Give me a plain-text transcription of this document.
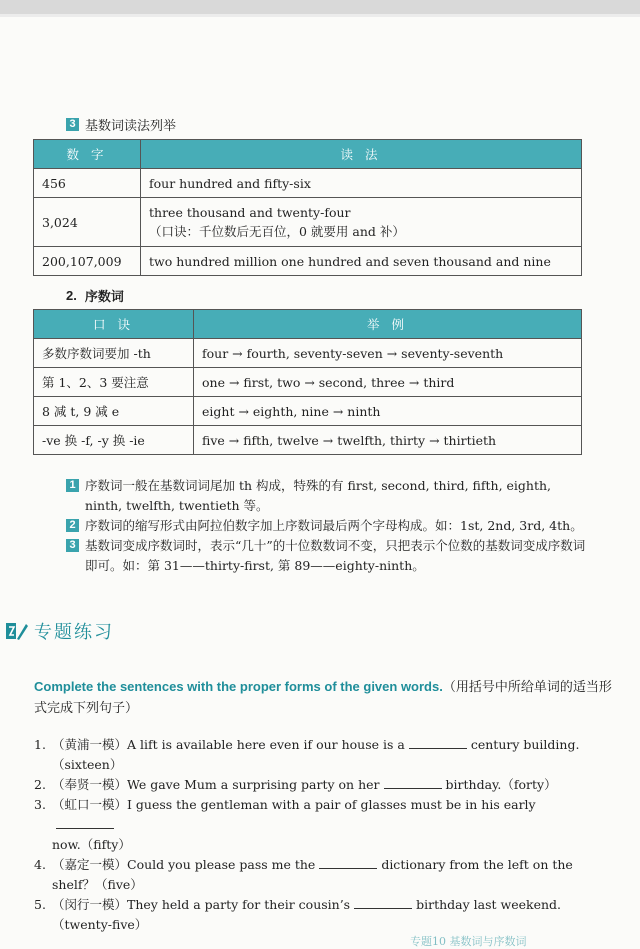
3 基数词读法列举
数 字	读 法
456	four hundred and fifty-six
3,024	three thousand and twenty-four
（口诀：千位数后无百位，0 就要用 and 补）

200,107,009	two hundred million one hundred and seven thousand and nine
2. 序数词
口 诀	举 例
多数序数词要加 -th	four → fourth, seventy-seven → seventy-seventh
第 1、2、3 要注意	one → first, two → second, three → third
8 减 t, 9 减 e	eight → eighth, nine → ninth
-ve 换 -f, -y 换 -ie	five → fifth, twelve → twelfth, thirty → thirtieth
1 序数词一般在基数词词尾加 th 构成，特殊的有 first, second, third, fifth, eighth, ninth, twelfth, twentieth 等。
2 序数词的缩写形式由阿拉伯数字加上序数词最后两个字母构成。如：1st, 2nd, 3rd, 4th。
3 基数词变成序数词时，表示“几十”的十位数数词不变，只把表示个位数的基数词变成序数词即可。如：第 31——thirty-first, 第 89——eighty-ninth。
专题练习
Complete the sentences with the proper forms of the given words.（用括号中所给单词的适当形式完成下列句子）
1. （黄浦一模）A lift is available here even if our house is a	century building.
（sixteen）
2. （奉贤一模）We gave Mum a surprising party on her	birthday.（forty）
3. （虹口一模）I guess the gentleman with a pair of glasses must be in his early
now.（fifty）
4. （嘉定一模）Could you please pass me the	dictionary from the left on the
shelf？（five）
5. （闵行一模）They held a party for their cousin’s	birthday last weekend.
（twenty-five）
专题10 基数词与序数词
